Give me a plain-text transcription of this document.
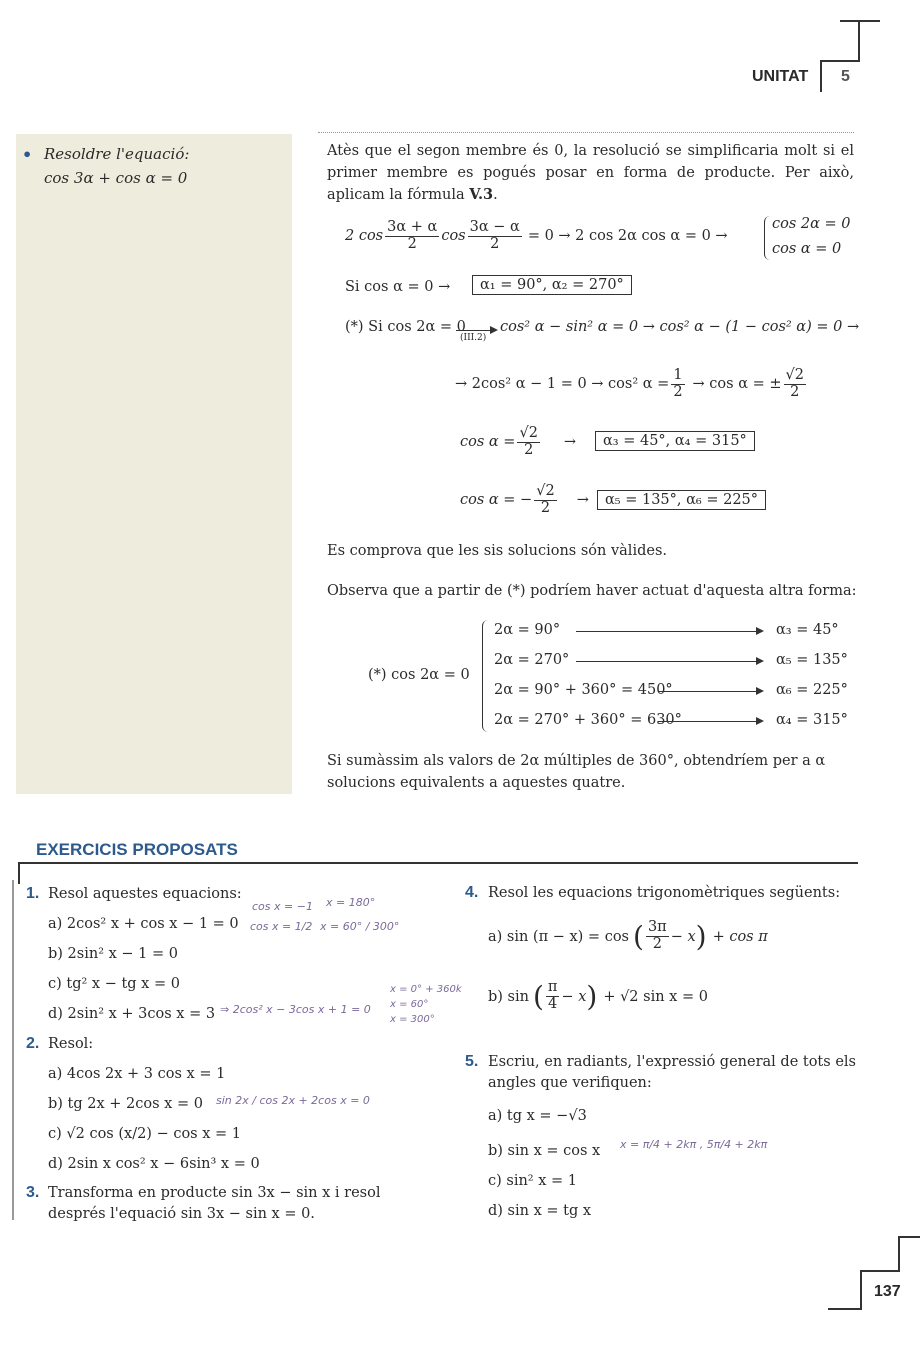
UNITAT 5
• Resoldre l'equació:
cos 3α + cos α = 0
Atès que el segon membre és 0, la resolució se simplificaria molt si el primer membre es pogués posar en forma de producte. Per això, aplicam la fórmula V.3.
2 $\cos \frac{3\alpha + \alpha}{2}$ $\cos \frac{3\alpha - \alpha}{2} = 0 \to 2$ cos 2α cos α = 0 →
cos 2α = 0
cos α = 0
Si cos α = 0 →	α₁ = 90°, α₂ = 270°
(*) Si cos 2α = 0
(III.2)
cos² α − sin² α = 0 → cos² α − (1 − cos² α) = 0 →
→ 2cos² α − 1 = 0 → cos² $\alpha = \frac{1}{2} \to \cos \alpha$ = ± $\frac{√2}{2}$
$\cos \alpha = \frac{√2}{2}$ →	α₃ = 45°, α₄ = 315°
cos α = − $\frac{√2}{2}$ →	α₅ = 135°, α₆ = 225°
Es comprova que les sis solucions són vàlides.
Observa que a partir de (*) podríem haver actuat d'aquesta altra forma:
(*) cos 2α = 0
2α = 90°	α₃ = 45°
2α = 270°	α₅ = 135°
2α = 90° + 360° = 450°	α₆ = 225°
2α = 270° + 360° = 630°	α₄ = 315°
Si sumàssim als valors de 2α múltiples de 360°, obtendríem per a α solucions equivalents a aquestes quatre.
EXERCICIS PROPOSATS
1. Resol aquestes equacions:
a) 2cos² x + cos x − 1 = 0
b) 2sin² x − 1 = 0
c) tg² x − tg x = 0
d) 2sin² x + 3cos x = 3
2. Resol:
a) 4cos 2x + 3 cos x = 1
b) tg 2x + 2cos x = 0
c) √2 cos (x/2) − cos x = 1
d) 2sin x cos² x − 6sin³ x = 0
3. Transforma en producte sin 3x − sin x i resol
després l'equació sin 3x − sin x = 0.
4. Resol les equacions trigonomètriques següents:
a) sin (π − x) = cos ( $\frac{3\pi}{2} - x$ ) + cos π
b) sin ( $\frac{\pi}{4} - x$ ) + √2 sin x = 0
5. Escriu, en radiants, l'expressió general de tots els
angles que verifiquen:
a) tg x = −√3
b) sin x = cos x
c) sin² x = 1
d) sin x = tg x
cos x = −1 x = 180°
cos x = 1/2 x = 60° / 300°
⇒ 2cos² x − 3cos x + 1 = 0
x = 0° + 360k
x = 60°
x = 300°
sin 2x / cos 2x + 2cos x = 0
x = π/4 + 2kπ , 5π/4 + 2kπ
137
